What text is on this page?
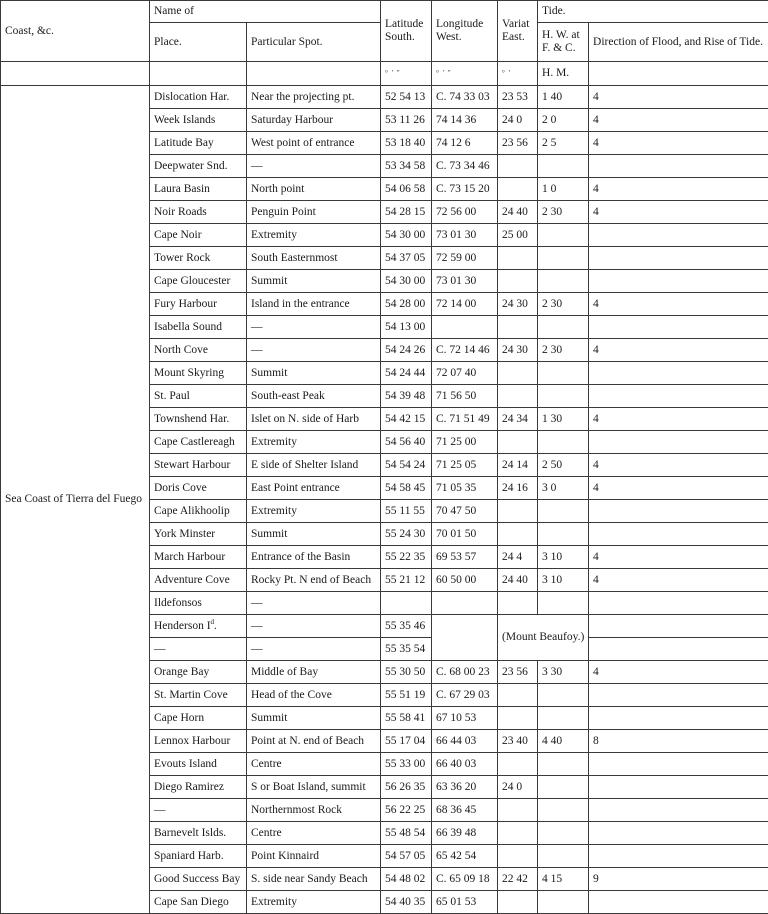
Coast, &c.	Name of		Latitude South.	Longitude West.	Variat East.	Tide.	
	Place.	Particular Spot.				H. W. at F. & C.	Direction of Flood, and Rise of Tide.
			° ′ ″	° ′ ″	° ′	H. M.	
Sea Coast of Tierra del Fuego	Dislocation Har.	Near the projecting pt.	52 54 13	C. 74 33 03	23 53	1 40	4
	Week Islands	Saturday Harbour	53 11 26	74 14 36	24 0	2 0	4
	Latitude Bay	West point of entrance	53 18 40	74 12 6	23 56	2 5	4
	Deepwater Snd.	—	53 34 58	C. 73 34 46			
	Laura Basin	North point	54 06 58	C. 73 15 20		1 0	4
	Noir Roads	Penguin Point	54 28 15	72 56 00	24 40	2 30	4
	Cape Noir	Extremity	54 30 00	73 01 30	25 00		
	Tower Rock	South Easternmost	54 37 05	72 59 00			
	Cape Gloucester	Summit	54 30 00	73 01 30			
	Fury Harbour	Island in the entrance	54 28 00	72 14 00	24 30	2 30	4
	Isabella Sound	—	54 13 00				
	North Cove	—	54 24 26	C. 72 14 46	24 30	2 30	4
	Mount Skyring	Summit	54 24 44	72 07 40			
	St. Paul	South-east Peak	54 39 48	71 56 50			
	Townshend Har.	Islet on N. side of Harb	54 42 15	C. 71 51 49	24 34	1 30	4
	Cape Castlereagh	Extremity	54 56 40	71 25 00			
	Stewart Harbour	E side of Shelter Island	54 54 24	71 25 05	24 14	2 50	4
	Doris Cove	East Point entrance	54 58 45	71 05 35	24 16	3 0	4
	Cape Alikhoolip	Extremity	55 11 55	70 47 50			
	York Minster	Summit	55 24 30	70 01 50			
	March Harbour	Entrance of the Basin	55 22 35	69 53 57	24 4	3 10	4
	Adventure Cove	Rocky Pt. N end of Beach	55 21 12	60 50 00	24 40	3 10	4
	Ildefonsos	—					
	Henderson $I^d$.	—	55 35 46		(Mount Beaufoy.)		
	—	—	55 35 54				
	Orange Bay	Middle of Bay	55 30 50	C. 68 00 23	23 56	3 30	4
	St. Martin Cove	Head of the Cove	55 51 19	C. 67 29 03			
	Cape Horn	Summit	55 58 41	67 10 53			
	Lennox Harbour	Point at N. end of Beach	55 17 04	66 44 03	23 40	4 40	8
	Evouts Island	Centre	55 33 00	66 40 03			
	Diego Ramirez	S or Boat Island, summit	56 26 35	63 36 20	24 0		
	—	Northernmost Rock	56 22 25	68 36 45			
	Barnevelt Islds.	Centre	55 48 54	66 39 48			
	Spaniard Harb.	Point Kinnaird	54 57 05	65 42 54			
	Good Success Bay	S. side near Sandy Beach	54 48 02	C. 65 09 18	22 42	4 15	9
	Cape San Diego	Extremity	54 40 35	65 01 53			
